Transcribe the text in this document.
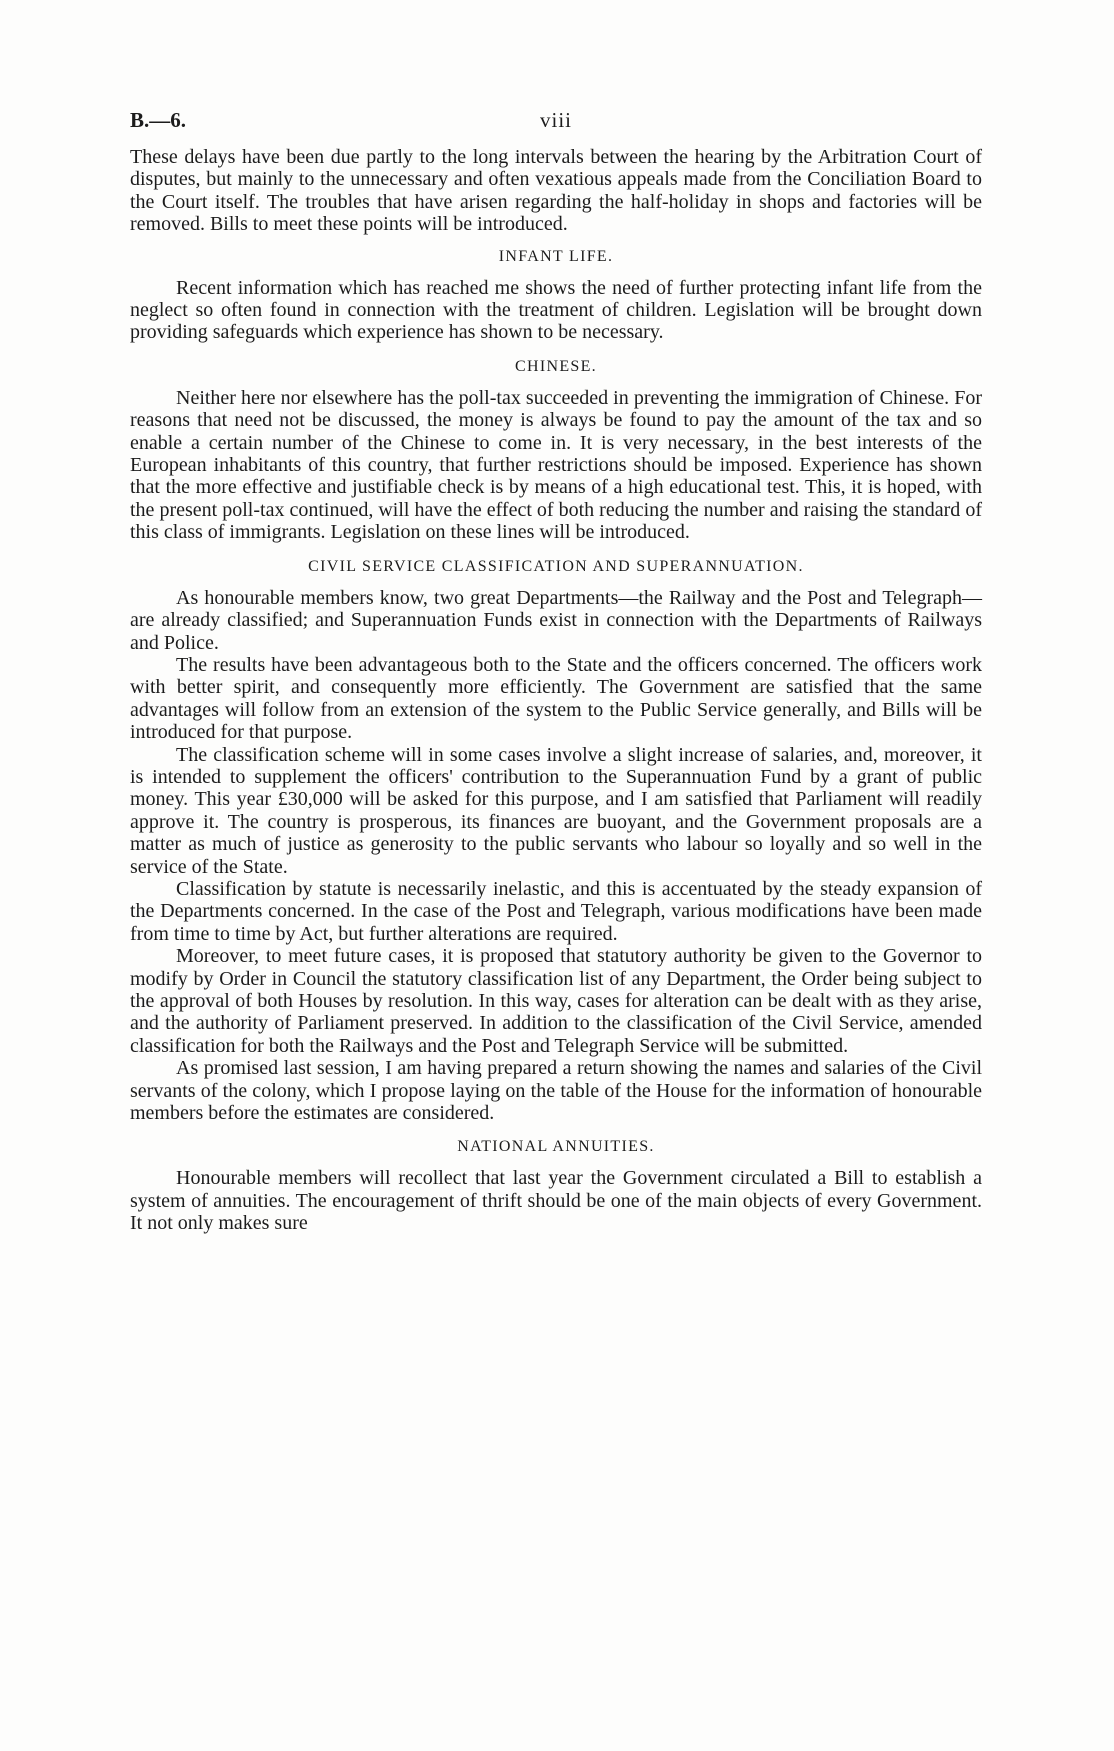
B.—6.	viii

These delays have been due partly to the long intervals between the hearing by the Arbitration Court of disputes, but mainly to the unnecessary and often vexatious appeals made from the Conciliation Board to the Court itself. The troubles that have arisen regarding the half-holiday in shops and factories will be removed. Bills to meet these points will be introduced.

INFANT LIFE.

Recent information which has reached me shows the need of further protecting infant life from the neglect so often found in connection with the treatment of children. Legislation will be brought down providing safeguards which experience has shown to be necessary.

CHINESE.

Neither here nor elsewhere has the poll-tax succeeded in preventing the immigration of Chinese. For reasons that need not be discussed, the money is always be found to pay the amount of the tax and so enable a certain number of the Chinese to come in. It is very necessary, in the best interests of the European inhabitants of this country, that further restrictions should be imposed. Experience has shown that the more effective and justifiable check is by means of a high educational test. This, it is hoped, with the present poll-tax continued, will have the effect of both reducing the number and raising the standard of this class of immigrants. Legislation on these lines will be introduced.

CIVIL SERVICE CLASSIFICATION AND SUPERANNUATION.

As honourable members know, two great Departments—the Railway and the Post and Telegraph—are already classified; and Superannuation Funds exist in connection with the Departments of Railways and Police.

The results have been advantageous both to the State and the officers concerned. The officers work with better spirit, and consequently more efficiently. The Government are satisfied that the same advantages will follow from an extension of the system to the Public Service generally, and Bills will be introduced for that purpose.

The classification scheme will in some cases involve a slight increase of salaries, and, moreover, it is intended to supplement the officers' contribution to the Superannuation Fund by a grant of public money. This year £30,000 will be asked for this purpose, and I am satisfied that Parliament will readily approve it. The country is prosperous, its finances are buoyant, and the Government proposals are a matter as much of justice as generosity to the public servants who labour so loyally and so well in the service of the State.

Classification by statute is necessarily inelastic, and this is accentuated by the steady expansion of the Departments concerned. In the case of the Post and Telegraph, various modifications have been made from time to time by Act, but further alterations are required.

Moreover, to meet future cases, it is proposed that statutory authority be given to the Governor to modify by Order in Council the statutory classification list of any Department, the Order being subject to the approval of both Houses by resolution. In this way, cases for alteration can be dealt with as they arise, and the authority of Parliament preserved. In addition to the classification of the Civil Service, amended classification for both the Railways and the Post and Telegraph Service will be submitted.

As promised last session, I am having prepared a return showing the names and salaries of the Civil servants of the colony, which I propose laying on the table of the House for the information of honourable members before the estimates are considered.

NATIONAL ANNUITIES.

Honourable members will recollect that last year the Government circulated a Bill to establish a system of annuities. The encouragement of thrift should be one of the main objects of every Government. It not only makes sure
